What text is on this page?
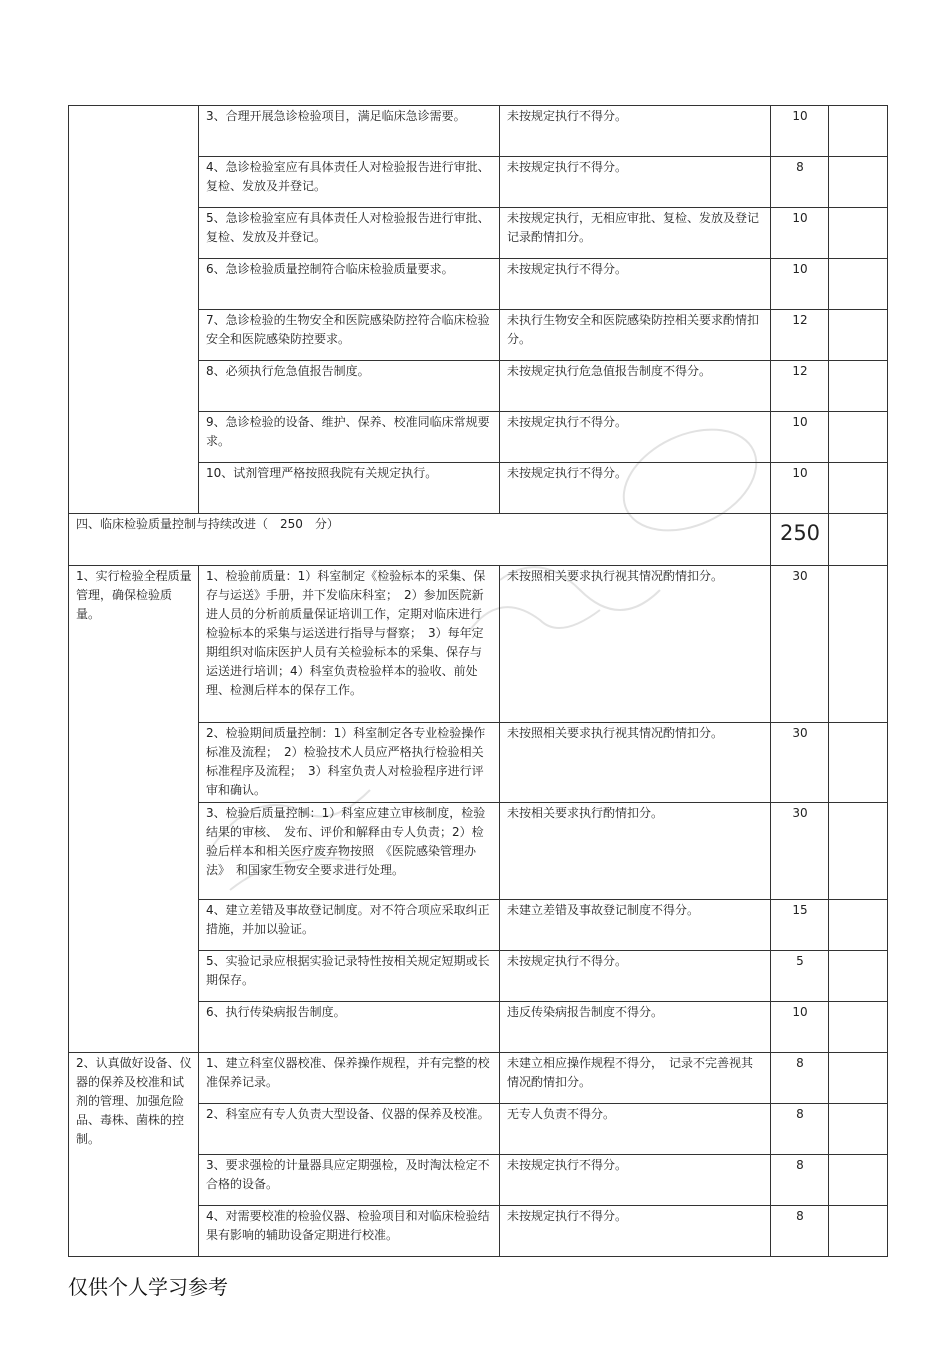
	3、合理开展急诊检验项目，满足临床急诊需要。	未按规定执行不得分。	10	
	4、急诊检验室应有具体责任人对检验报告进行审批、复检、发放及并登记。	未按规定执行不得分。	8	
	5、急诊检验室应有具体责任人对检验报告进行审批、复检、发放及并登记。	未按规定执行，无相应审批、复检、发放及登记记录酌情扣分。	10	
	6、急诊检验质量控制符合临床检验质量要求。	未按规定执行不得分。	10	
	7、急诊检验的生物安全和医院感染防控符合临床检验安全和医院感染防控要求。	未执行生物安全和医院感染防控相关要求酌情扣分。	12	
	8、必须执行危急值报告制度。	未按规定执行危急值报告制度不得分。	12	
	9、急诊检验的设备、维护、保养、校准同临床常规要求。	未按规定执行不得分。	10	
	10、试剂管理严格按照我院有关规定执行。	未按规定执行不得分。	10	
四、临床检验质量控制与持续改进（　250　分）			250	
1、实行检验全程质量管理，确保检验质量。	1、检验前质量：1）科室制定《检验标本的采集、保存与运送》手册，并下发临床科室；　2）参加医院新进人员的分析前质量保证培训工作，定期对临床进行检验标本的采集与运送进行指导与督察；　3）每年定期组织对临床医护人员有关检验标本的采集、保存与运送进行培训；4）科室负责检验样本的验收、前处理、检测后样本的保存工作。	未按照相关要求执行视其情况酌情扣分。	30	
	2、检验期间质量控制：1）科室制定各专业检验操作标准及流程；　2）检验技术人员应严格执行检验相关标准程序及流程；　3）科室负责人对检验程序进行评审和确认。	未按照相关要求执行视其情况酌情扣分。	30	
	3、检验后质量控制：1）科室应建立审核制度，检验结果的审核、　发布、评价和解释由专人负责；2）检验后样本和相关医疗废弃物按照　《医院感染管理办法》　和国家生物安全要求进行处理。	未按相关要求执行酌情扣分。	30	
	4、建立差错及事故登记制度。对不符合项应采取纠正措施，并加以验证。	未建立差错及事故登记制度不得分。	15	
	5、实验记录应根据实验记录特性按相关规定短期或长期保存。	未按规定执行不得分。	5	
	6、执行传染病报告制度。	违反传染病报告制度不得分。	10	
2、认真做好设备、仪器的保养及校准和试剂的管理、加强危险品、毒株、菌株的控制。	1、建立科室仪器校准、保养操作规程，并有完整的校准保养记录。	未建立相应操作规程不得分，　记录不完善视其情况酌情扣分。	8	
	2、科室应有专人负责大型设备、仪器的保养及校准。	无专人负责不得分。	8	
	3、要求强检的计量器具应定期强检，及时淘汰检定不合格的设备。	未按规定执行不得分。	8	
	4、对需要校准的检验仪器、检验项目和对临床检验结果有影响的辅助设备定期进行校准。	未按规定执行不得分。	8	
仅供个人学习参考
